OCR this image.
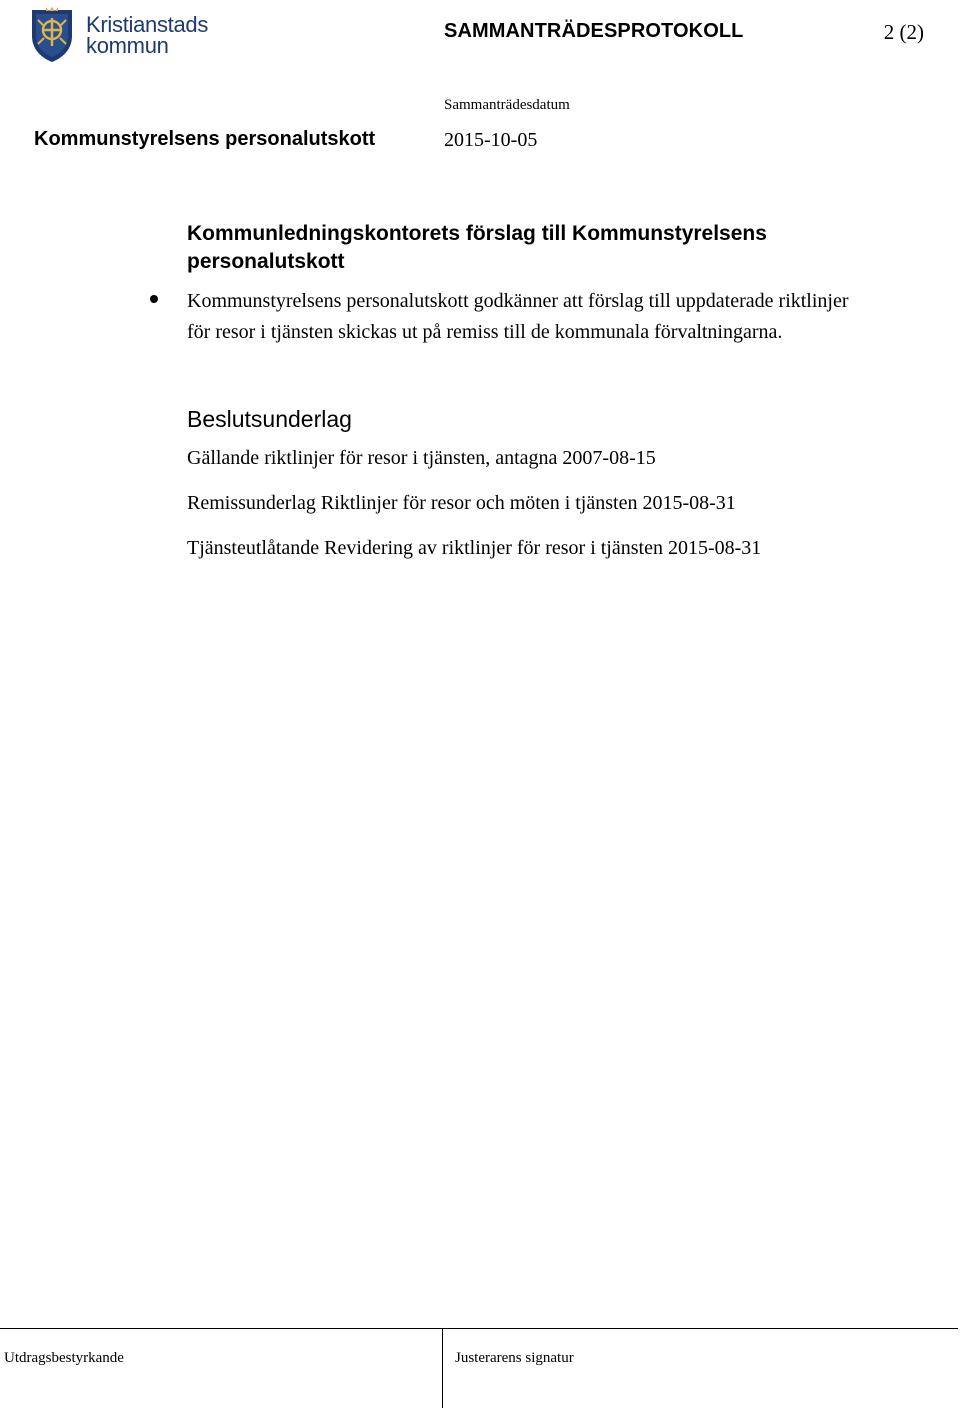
Kristianstads
kommun
SAMMANTRÄDESPROTOKOLL	2 (2)
Sammanträdesdatum
Kommunstyrelsens personalutskott	2015-10-05
Kommunledningskontorets förslag till Kommunstyrelsens personalutskott
Kommunstyrelsens personalutskott godkänner att förslag till uppdaterade riktlinjer för resor i tjänsten skickas ut på remiss till de kommunala förvaltningarna.
Beslutsunderlag
Gällande riktlinjer för resor i tjänsten, antagna 2007-08-15
Remissunderlag Riktlinjer för resor och möten i tjänsten 2015-08-31
Tjänsteutlåtande Revidering av riktlinjer för resor i tjänsten 2015-08-31
Utdragsbestyrkande	Justerarens signatur
